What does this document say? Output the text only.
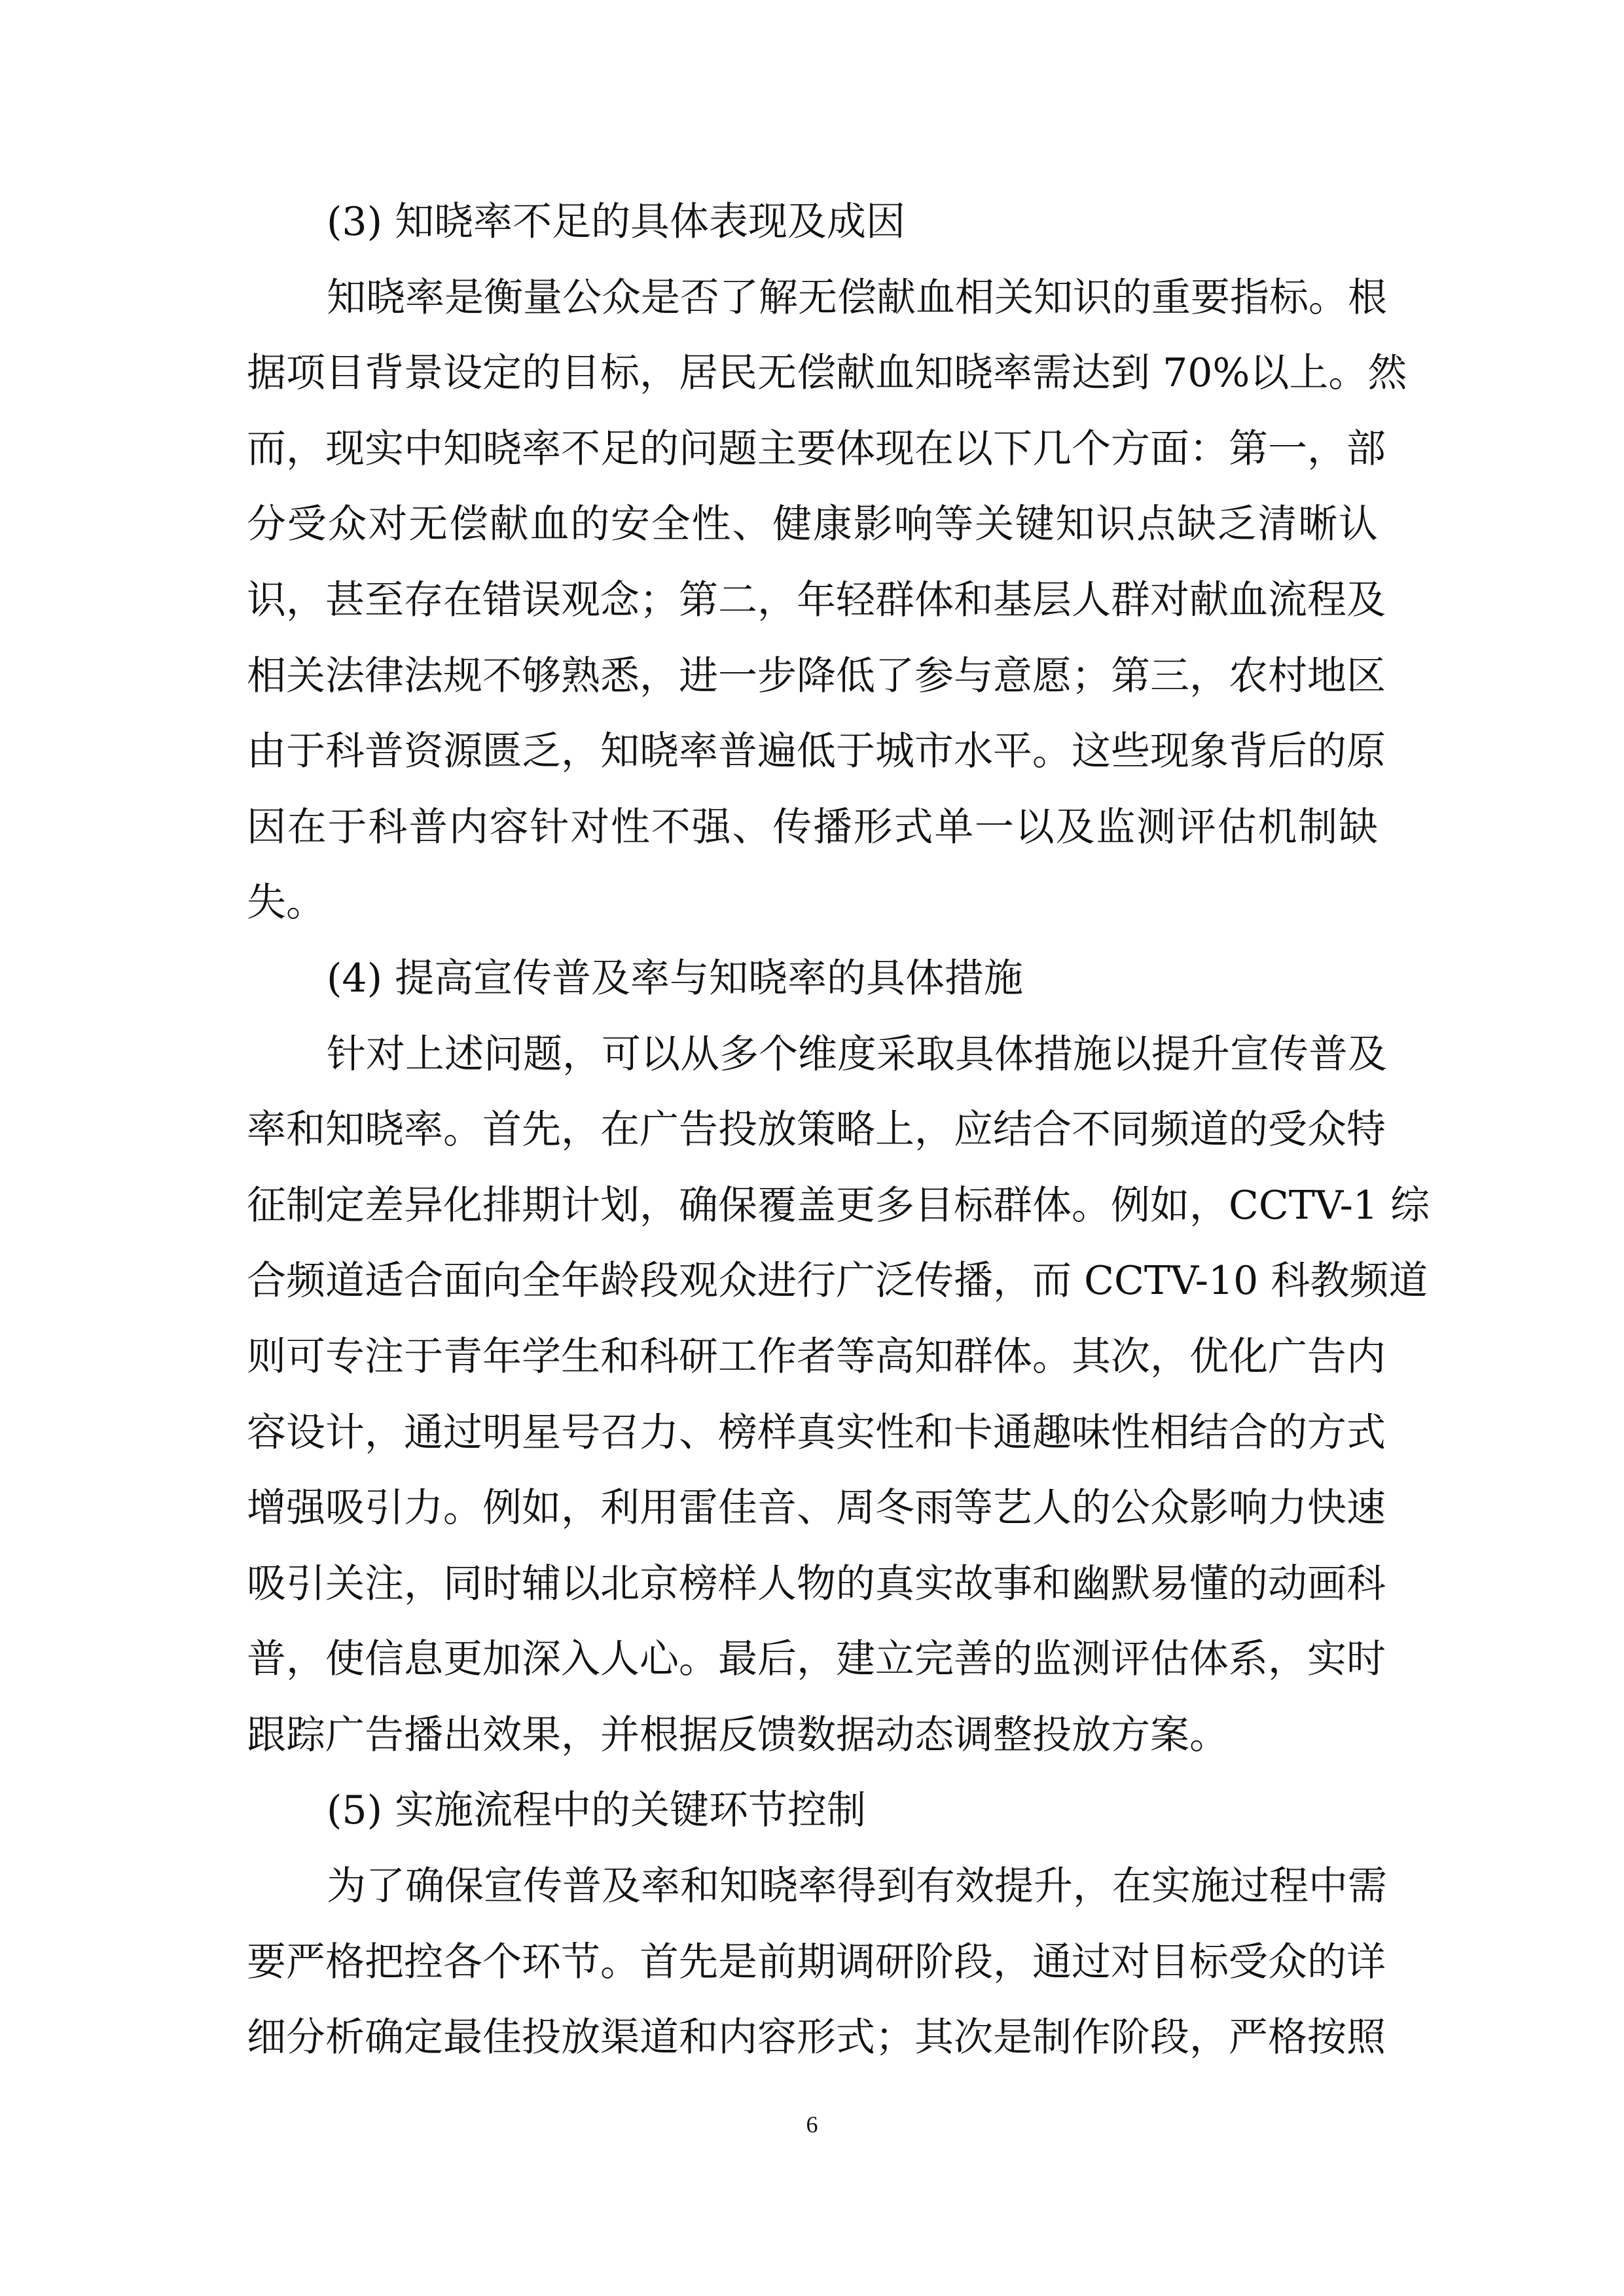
(3) 知晓率不足的具体表现及成因
知晓率是衡量公众是否了解无偿献血相关知识的重要指标。根
据项目背景设定的目标，居民无偿献血知晓率需达到 70%以上。然
而，现实中知晓率不足的问题主要体现在以下几个方面：第一，部
分受众对无偿献血的安全性、健康影响等关键知识点缺乏清晰认
识，甚至存在错误观念；第二，年轻群体和基层人群对献血流程及
相关法律法规不够熟悉，进一步降低了参与意愿；第三，农村地区
由于科普资源匮乏，知晓率普遍低于城市水平。这些现象背后的原
因在于科普内容针对性不强、传播形式单一以及监测评估机制缺
失。
(4) 提高宣传普及率与知晓率的具体措施
针对上述问题，可以从多个维度采取具体措施以提升宣传普及
率和知晓率。首先，在广告投放策略上，应结合不同频道的受众特
征制定差异化排期计划，确保覆盖更多目标群体。例如，CCTV-1 综
合频道适合面向全年龄段观众进行广泛传播，而 CCTV-10 科教频道
则可专注于青年学生和科研工作者等高知群体。其次，优化广告内
容设计，通过明星号召力、榜样真实性和卡通趣味性相结合的方式
增强吸引力。例如，利用雷佳音、周冬雨等艺人的公众影响力快速
吸引关注，同时辅以北京榜样人物的真实故事和幽默易懂的动画科
普，使信息更加深入人心。最后，建立完善的监测评估体系，实时
跟踪广告播出效果，并根据反馈数据动态调整投放方案。
(5) 实施流程中的关键环节控制
为了确保宣传普及率和知晓率得到有效提升，在实施过程中需
要严格把控各个环节。首先是前期调研阶段，通过对目标受众的详
细分析确定最佳投放渠道和内容形式；其次是制作阶段，严格按照
6
